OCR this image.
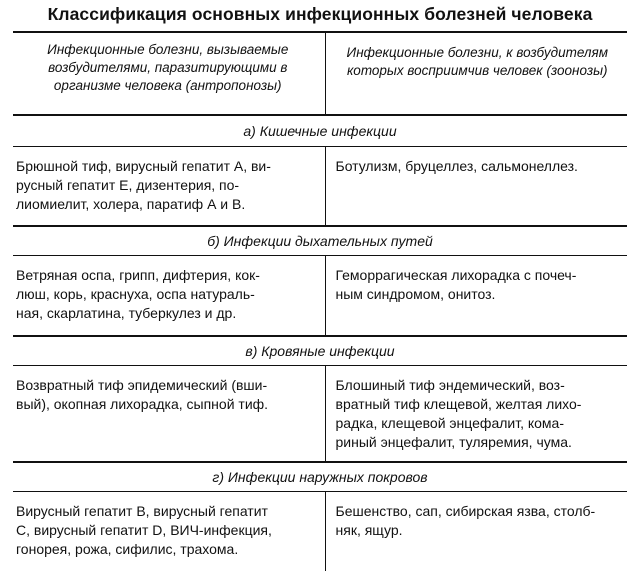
Классификация основных инфекционных болезней человека
Инфекционные болезни, вызываемые
возбудителями, паразитирующими в
организме человека (антропонозы)	Инфекционные болезни, к возбудителям
которых восприимчив человек (зоонозы)

а) Кишечные инфекции	

Брюшной тиф, вирусный гепатит А, ви-
русный гепатит Е, дизентерия, по-
лиомиелит, холера, паратиф А и В.	Ботулизм, бруцеллез, сальмонеллез.

б) Инфекции дыхательных путей	

Ветряная оспа, грипп, дифтерия, кок-
люш, корь, краснуха, оспа натураль-
ная, скарлатина, туберкулез и др.	Геморрагическая лихорадка с почеч-
ным синдромом, онитоз.

в) Кровяные инфекции	

Возвратный тиф эпидемический (вши-
вый), окопная лихорадка, сыпной тиф.	Блошиный тиф эндемический, воз-
вратный тиф клещевой, желтая лихо-
радка, клещевой энцефалит, кома-
риный энцефалит, туляремия, чума.

г) Инфекции наружных покровов	

Вирусный гепатит В, вирусный гепатит
С, вирусный гепатит D, ВИЧ-инфекция,
гонорея, рожа, сифилис, трахома.	Бешенство, сап, сибирская язва, столб-
няк, ящур.
